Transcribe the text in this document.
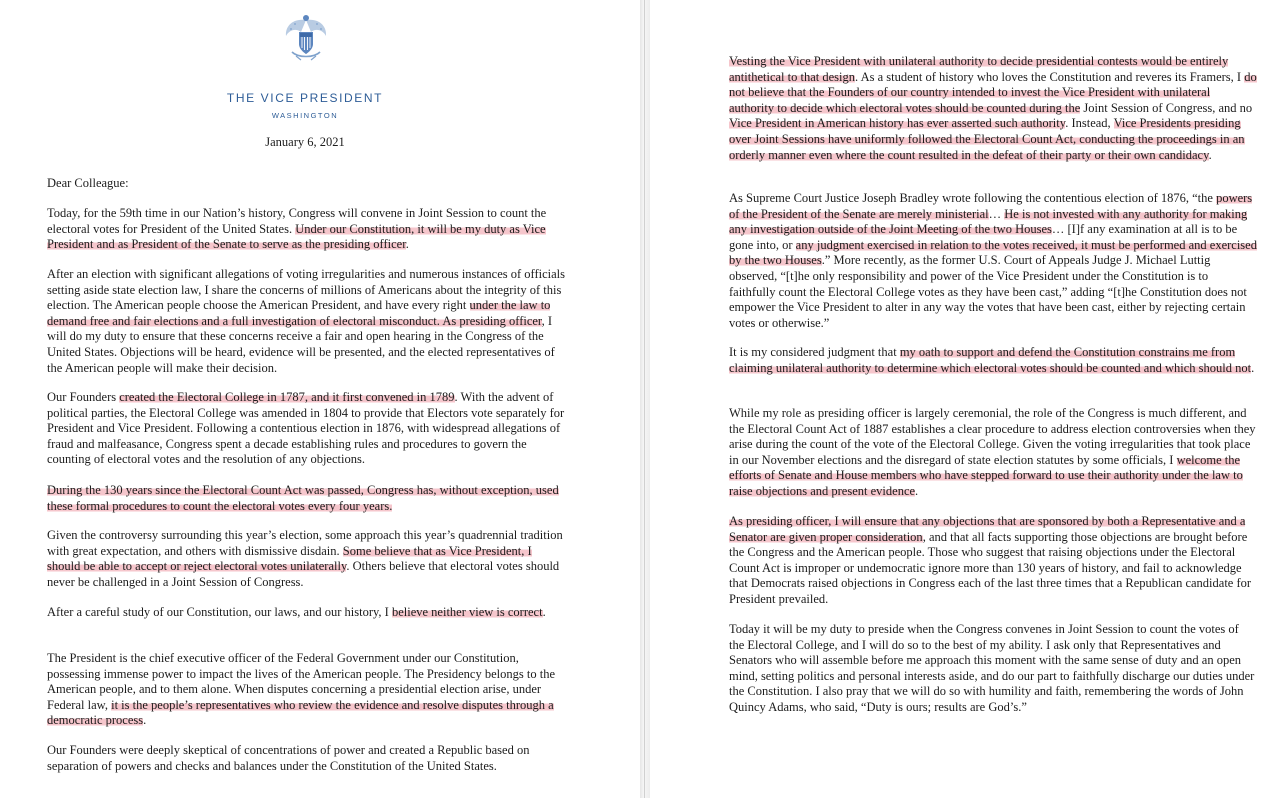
THE VICE PRESIDENT
WASHINGTON
January 6, 2021

Dear Colleague:

Today, for the 59th time in our Nation’s history, Congress will convene in Joint Session to count the electoral votes for President of the United States. Under our Constitution, it will be my duty as Vice President and as President of the Senate to serve as the presiding officer.

After an election with significant allegations of voting irregularities and numerous instances of officials setting aside state election law, I share the concerns of millions of Americans about the integrity of this election. The American people choose the American President, and have every right under the law to demand free and fair elections and a full investigation of electoral misconduct. As presiding officer, I will do my duty to ensure that these concerns receive a fair and open hearing in the Congress of the United States. Objections will be heard, evidence will be presented, and the elected representatives of the American people will make their decision.

Our Founders created the Electoral College in 1787, and it first convened in 1789. With the advent of political parties, the Electoral College was amended in 1804 to provide that Electors vote separately for President and Vice President. Following a contentious election in 1876, with widespread allegations of fraud and malfeasance, Congress spent a decade establishing rules and procedures to govern the counting of electoral votes and the resolution of any objections.

During the 130 years since the Electoral Count Act was passed, Congress has, without exception, used these formal procedures to count the electoral votes every four years.

Given the controversy surrounding this year’s election, some approach this year’s quadrennial tradition with great expectation, and others with dismissive disdain. Some believe that as Vice President, I should be able to accept or reject electoral votes unilaterally. Others believe that electoral votes should never be challenged in a Joint Session of Congress.

After a careful study of our Constitution, our laws, and our history, I believe neither view is correct.

The President is the chief executive officer of the Federal Government under our Constitution, possessing immense power to impact the lives of the American people. The Presidency belongs to the American people, and to them alone. When disputes concerning a presidential election arise, under Federal law, it is the people’s representatives who review the evidence and resolve disputes through a democratic process.

Our Founders were deeply skeptical of concentrations of power and created a Republic based on separation of powers and checks and balances under the Constitution of the United States.

Vesting the Vice President with unilateral authority to decide presidential contests would be entirely antithetical to that design. As a student of history who loves the Constitution and reveres its Framers, I do not believe that the Founders of our country intended to invest the Vice President with unilateral authority to decide which electoral votes should be counted during the Joint Session of Congress, and no Vice President in American history has ever asserted such authority. Instead, Vice Presidents presiding over Joint Sessions have uniformly followed the Electoral Count Act, conducting the proceedings in an orderly manner even where the count resulted in the defeat of their party or their own candidacy.

As Supreme Court Justice Joseph Bradley wrote following the contentious election of 1876, “the powers of the President of the Senate are merely ministerial… He is not invested with any authority for making any investigation outside of the Joint Meeting of the two Houses… [I]f any examination at all is to be gone into, or any judgment exercised in relation to the votes received, it must be performed and exercised by the two Houses.” More recently, as the former U.S. Court of Appeals Judge J. Michael Luttig observed, “[t]he only responsibility and power of the Vice President under the Constitution is to faithfully count the Electoral College votes as they have been cast,” adding “[t]he Constitution does not empower the Vice President to alter in any way the votes that have been cast, either by rejecting certain votes or otherwise.”

It is my considered judgment that my oath to support and defend the Constitution constrains me from claiming unilateral authority to determine which electoral votes should be counted and which should not.

While my role as presiding officer is largely ceremonial, the role of the Congress is much different, and the Electoral Count Act of 1887 establishes a clear procedure to address election controversies when they arise during the count of the vote of the Electoral College. Given the voting irregularities that took place in our November elections and the disregard of state election statutes by some officials, I welcome the efforts of Senate and House members who have stepped forward to use their authority under the law to raise objections and present evidence.

As presiding officer, I will ensure that any objections that are sponsored by both a Representative and a Senator are given proper consideration, and that all facts supporting those objections are brought before the Congress and the American people. Those who suggest that raising objections under the Electoral Count Act is improper or undemocratic ignore more than 130 years of history, and fail to acknowledge that Democrats raised objections in Congress each of the last three times that a Republican candidate for President prevailed.

Today it will be my duty to preside when the Congress convenes in Joint Session to count the votes of the Electoral College, and I will do so to the best of my ability. I ask only that Representatives and Senators who will assemble before me approach this moment with the same sense of duty and an open mind, setting politics and personal interests aside, and do our part to faithfully discharge our duties under the Constitution. I also pray that we will do so with humility and faith, remembering the words of John Quincy Adams, who said, “Duty is ours; results are God’s.”
